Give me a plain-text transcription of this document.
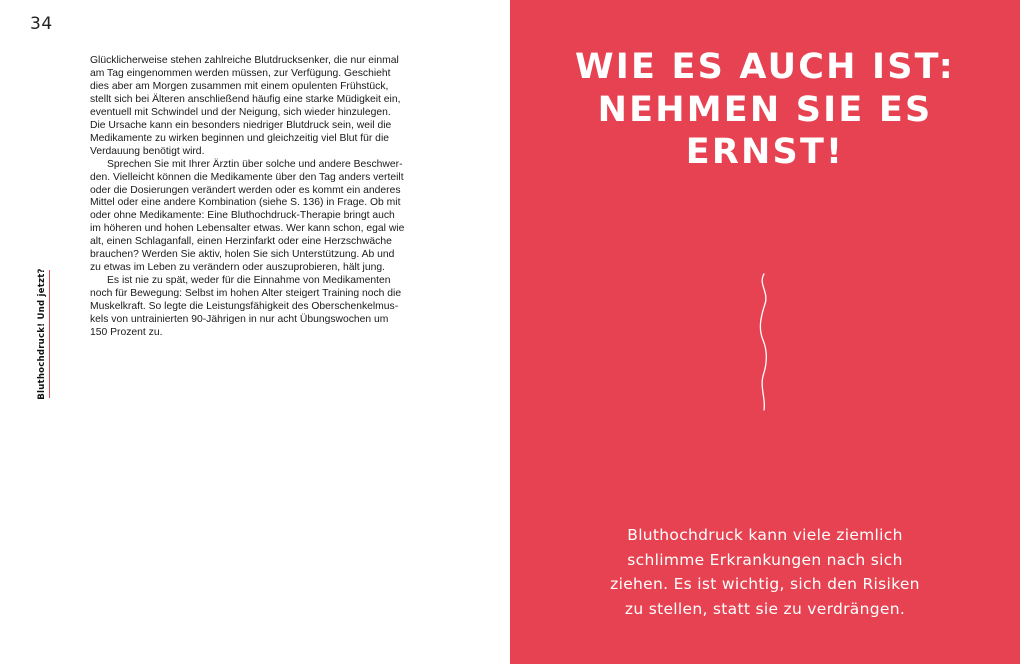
34
Bluthochdruck! Und jetzt?

Glücklicherweise stehen zahlreiche Blutdrucksenker, die nur einmal
am Tag eingenommen werden müssen, zur Verfügung. Geschieht
dies aber am Morgen zusammen mit einem opulenten Frühstück,
stellt sich bei Älteren anschließend häufig eine starke Müdigkeit ein,
eventuell mit Schwindel und der Neigung, sich wieder hinzulegen.
Die Ursache kann ein besonders niedriger Blutdruck sein, weil die
Medikamente zu wirken beginnen und gleichzeitig viel Blut für die
Verdauung benötigt wird.

Sprechen Sie mit Ihrer Ärztin über solche und andere Beschwer-
den. Vielleicht können die Medikamente über den Tag anders verteilt
oder die Dosierungen verändert werden oder es kommt ein anderes
Mittel oder eine andere Kombination (siehe S. 136) in Frage. Ob mit
oder ohne Medikamente: Eine Bluthochdruck-Therapie bringt auch
im höheren und hohen Lebensalter etwas. Wer kann schon, egal wie
alt, einen Schlaganfall, einen Herzinfarkt oder eine Herzschwäche
brauchen? Werden Sie aktiv, holen Sie sich Unterstützung. Ab und
zu etwas im Leben zu verändern oder auszuprobieren, hält jung.

Es ist nie zu spät, weder für die Einnahme von Medikamenten
noch für Bewegung: Selbst im hohen Alter steigert Training noch die
Muskelkraft. So legte die Leistungsfähigkeit des Oberschenkelmus-
kels von untrainierten 90-Jährigen in nur acht Übungswochen um
150 Prozent zu.

WIE ES AUCH IST:
NEHMEN SIE ES
ERNST!
Bluthochdruck kann viele ziemlich
schlimme Erkrankungen nach sich
ziehen. Es ist wichtig, sich den Risiken
zu stellen, statt sie zu verdrängen.
